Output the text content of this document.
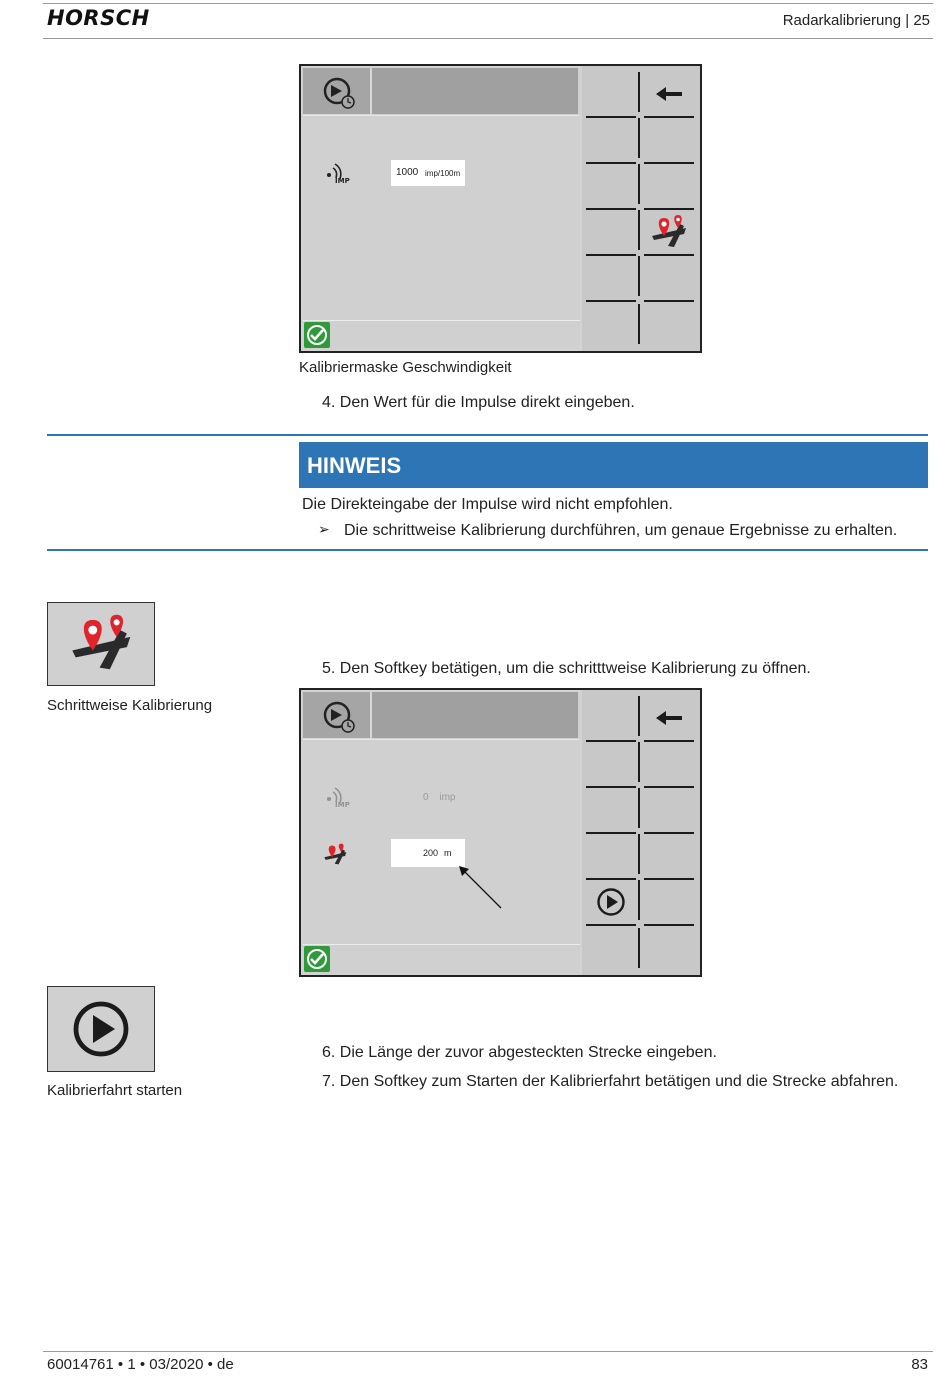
HORSCH	Radarkalibrierung | 25
IMP
1000 imp/100m
Kalibriermaske Geschwindigkeit
4. Den Wert für die Impulse direkt eingeben.
HINWEIS
Die Direkteingabe der Impulse wird nicht empfohlen.
➢ Die schrittweise Kalibrierung durchführen, um genaue Ergebnisse zu erhalten.
Schrittweise Kalibrierung
5. Den Softkey betätigen, um die schritttweise Kalibrierung zu öffnen.
IMP
0 imp
200 m
Kalibrierfahrt starten
6. Die Länge der zuvor abgesteckten Strecke eingeben.
7. Den Softkey zum Starten der Kalibrierfahrt betätigen und die Strecke abfahren.
60014761 • 1 • 03/2020 • de	83
